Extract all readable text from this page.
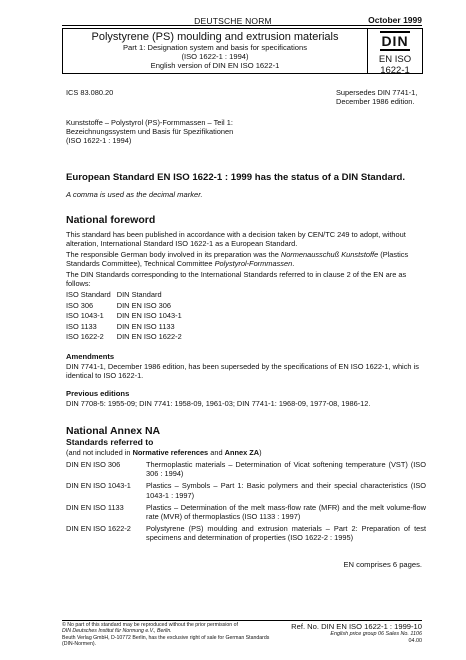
DEUTSCHE NORM	October 1999
Polystyrene (PS) moulding and extrusion materials
Part 1: Designation system and basis for specifications
(ISO 1622-1 : 1994)
English version of DIN EN ISO 1622-1
DIN
EN ISO 1622-1
ICS 83.080.20	Supersedes DIN 7741-1,
December 1986 edition.
Kunststoffe – Polystyrol (PS)-Formmassen – Teil 1:
Bezeichnungssystem und Basis für Spezifikationen
(ISO 1622-1 : 1994)
European Standard EN ISO 1622-1 : 1999 has the status of a DIN Standard.
A comma is used as the decimal marker.
National foreword
This standard has been published in accordance with a decision taken by CEN/TC 249 to adopt, without alteration, International Standard ISO 1622-1 as a European Standard.
The responsible German body involved in its preparation was the Normenausschuß Kunststoffe (Plastics Standards Committee), Technical Committee Polystyrol-Formmassen.
The DIN Standards corresponding to the International Standards referred to in clause 2 of the EN are as follows:
ISO Standard	DIN Standard
ISO 306	DIN EN ISO 306
ISO 1043-1	DIN EN ISO 1043-1
ISO 1133	DIN EN ISO 1133
ISO 1622-2	DIN EN ISO 1622-2
Amendments
DIN 7741-1, December 1986 edition, has been superseded by the specifications of EN ISO 1622-1, which is identical to ISO 1622-1.
Previous editions
DIN 7708-5: 1955-09; DIN 7741: 1958-09, 1961-03; DIN 7741-1: 1968-09, 1977-08, 1986-12.
National Annex NA
Standards referred to
(and not included in Normative references and Annex ZA)
DIN EN ISO 306	Thermoplastic materials – Determination of Vicat softening temperature (VST) (ISO 306 : 1994)
DIN EN ISO 1043-1	Plastics – Symbols – Part 1: Basic polymers and their special characteristics (ISO 1043-1 : 1997)
DIN EN ISO 1133	Plastics – Determination of the melt mass-flow rate (MFR) and the melt volume-flow rate (MVR) of thermoplastics (ISO 1133 : 1997)
DIN EN ISO 1622-2	Polystyrene (PS) moulding and extrusion materials – Part 2: Preparation of test specimens and determination of properties (ISO 1622-2 : 1995)
EN comprises 6 pages.
© No part of this standard may be reproduced without the prior permission of
DIN Deutsches Institut für Normung e.V., Berlin.
Beuth Verlag GmbH, D-10772 Berlin, has the exclusive right of sale for German Standards (DIN-Normen).
Ref. No. DIN EN ISO 1622-1 : 1999-10
English price group 06 Sales No. 1106
04.00
